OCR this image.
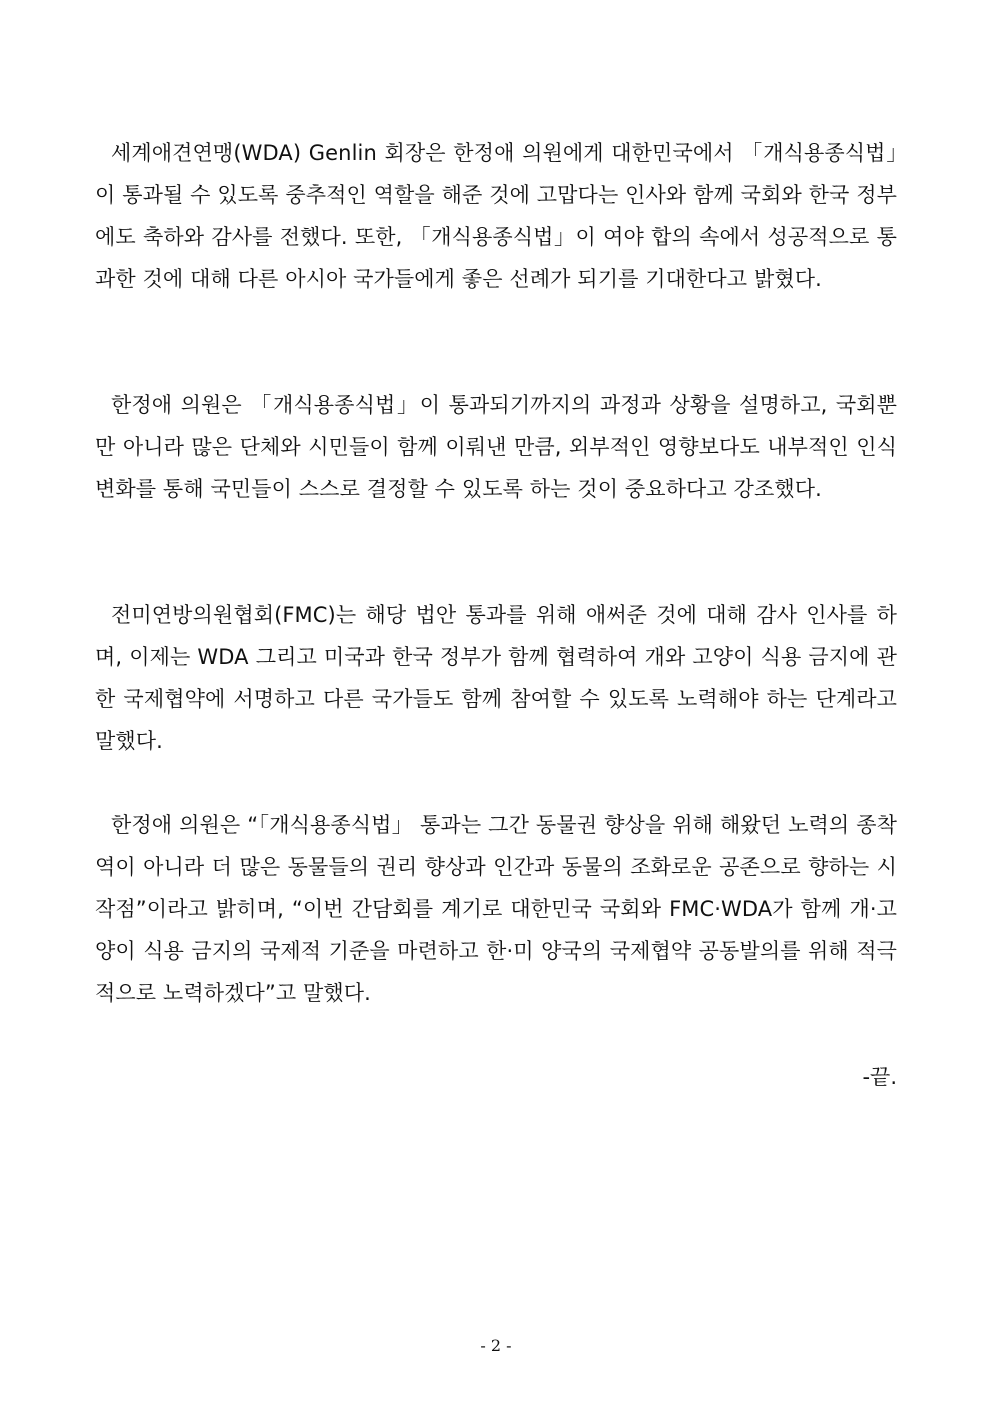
세계애견연맹(WDA) Genlin 회장은 한정애 의원에게 대한민국에서 「개식용종식법」이 통과될 수 있도록 중추적인 역할을 해준 것에 고맙다는 인사와 함께 국회와 한국 정부에도 축하와 감사를 전했다. 또한, 「개식용종식법」이 여야 합의 속에서 성공적으로 통과한 것에 대해 다른 아시아 국가들에게 좋은 선례가 되기를 기대한다고 밝혔다.

한정애 의원은 「개식용종식법」이 통과되기까지의 과정과 상황을 설명하고, 국회뿐만 아니라 많은 단체와 시민들이 함께 이뤄낸 만큼, 외부적인 영향보다도 내부적인 인식 변화를 통해 국민들이 스스로 결정할 수 있도록 하는 것이 중요하다고 강조했다.

전미연방의원협회(FMC)는 해당 법안 통과를 위해 애써준 것에 대해 감사 인사를 하며, 이제는 WDA 그리고 미국과 한국 정부가 함께 협력하여 개와 고양이 식용 금지에 관한 국제협약에 서명하고 다른 국가들도 함께 참여할 수 있도록 노력해야 하는 단계라고 말했다.

한정애 의원은 “「개식용종식법」 통과는 그간 동물권 향상을 위해 해왔던 노력의 종착역이 아니라 더 많은 동물들의 권리 향상과 인간과 동물의 조화로운 공존으로 향하는 시작점”이라고 밝히며, “이번 간담회를 계기로 대한민국 국회와 FMC·WDA가 함께 개·고양이 식용 금지의 국제적 기준을 마련하고 한·미 양국의 국제협약 공동발의를 위해 적극적으로 노력하겠다”고 말했다.

-끝.

- 2 -
